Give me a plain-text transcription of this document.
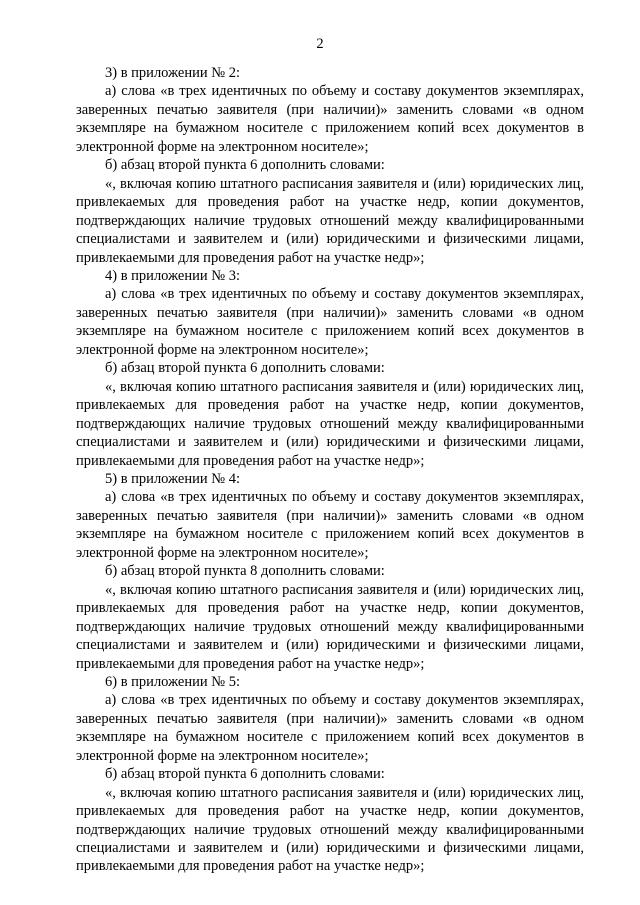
2

3) в приложении № 2:

а) слова «в трех идентичных по объему и составу документов экземплярах, заверенных печатью заявителя (при наличии)» заменить словами «в одном экземпляре на бумажном носителе с приложением копий всех документов в электронной форме на электронном носителе»;

б) абзац второй пункта 6 дополнить словами:

«, включая копию штатного расписания заявителя и (или) юридических лиц, привлекаемых для проведения работ на участке недр, копии документов, подтверждающих наличие трудовых отношений между квалифицированными специалистами и заявителем и (или) юридическими и физическими лицами, привлекаемыми для проведения работ на участке недр»;

4) в приложении № 3:

а) слова «в трех идентичных по объему и составу документов экземплярах, заверенных печатью заявителя (при наличии)» заменить словами «в одном экземпляре на бумажном носителе с приложением копий всех документов в электронной форме на электронном носителе»;

б) абзац второй пункта 6 дополнить словами:

«, включая копию штатного расписания заявителя и (или) юридических лиц, привлекаемых для проведения работ на участке недр, копии документов, подтверждающих наличие трудовых отношений между квалифицированными специалистами и заявителем и (или) юридическими и физическими лицами, привлекаемыми для проведения работ на участке недр»;

5) в приложении № 4:

а) слова «в трех идентичных по объему и составу документов экземплярах, заверенных печатью заявителя (при наличии)» заменить словами «в одном экземпляре на бумажном носителе с приложением копий всех документов в электронной форме на электронном носителе»;

б) абзац второй пункта 8 дополнить словами:

«, включая копию штатного расписания заявителя и (или) юридических лиц, привлекаемых для проведения работ на участке недр, копии документов, подтверждающих наличие трудовых отношений между квалифицированными специалистами и заявителем и (или) юридическими и физическими лицами, привлекаемыми для проведения работ на участке недр»;

6) в приложении № 5:

а) слова «в трех идентичных по объему и составу документов экземплярах, заверенных печатью заявителя (при наличии)» заменить словами «в одном экземпляре на бумажном носителе с приложением копий всех документов в электронной форме на электронном носителе»;

б) абзац второй пункта 6 дополнить словами:

«, включая копию штатного расписания заявителя и (или) юридических лиц, привлекаемых для проведения работ на участке недр, копии документов, подтверждающих наличие трудовых отношений между квалифицированными специалистами и заявителем и (или) юридическими и физическими лицами, привлекаемыми для проведения работ на участке недр»;
